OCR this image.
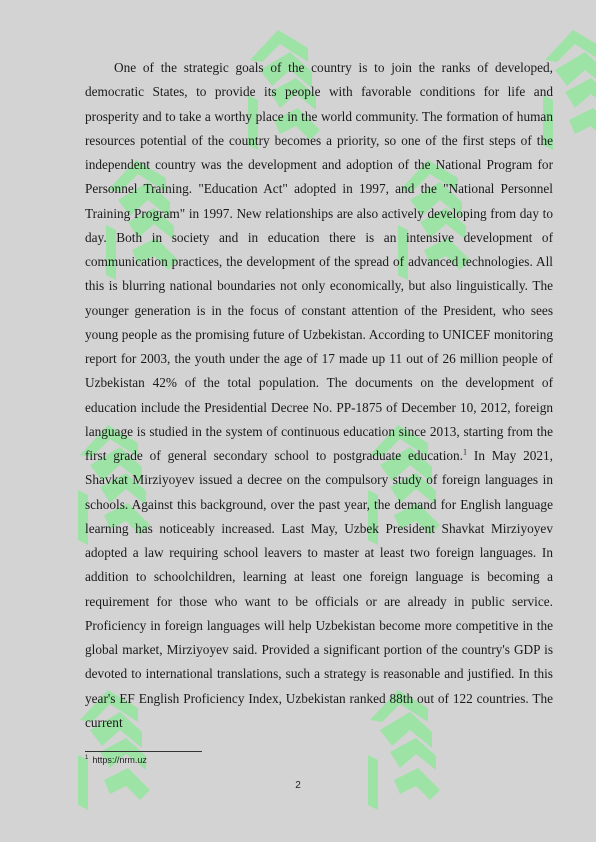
One of the strategic goals of the country is to join the ranks of developed, democratic States, to provide its people with favorable conditions for life and prosperity and to take a worthy place in the world community. The formation of human resources potential of the country becomes a priority, so one of the first steps of the independent country was the development and adoption of the National Program for Personnel Training. "Education Act" adopted in 1997, and the "National Personnel Training Program" in 1997. New relationships are also actively developing from day to day. Both in society and in education there is an intensive development of communication practices, the development of the spread of advanced technologies. All this is blurring national boundaries not only economically, but also linguistically. The younger generation is in the focus of constant attention of the President, who sees young people as the promising future of Uzbekistan. According to UNICEF monitoring report for 2003, the youth under the age of 17 made up 11 out of 26 million people of Uzbekistan 42% of the total population. The documents on the development of education include the Presidential Decree No. PP-1875 of December 10, 2012, foreign language is studied in the system of continuous education since 2013, starting from the first grade of general secondary school to postgraduate education.$^1$ In May 2021, Shavkat Mirziyoyev issued a decree on the compulsory study of foreign languages in schools. Against this background, over the past year, the demand for English language learning has noticeably increased. Last May, Uzbek President Shavkat Mirziyoyev adopted a law requiring school leavers to master at least two foreign languages. In addition to schoolchildren, learning at least one foreign language is becoming a requirement for those who want to be officials or are already in public service. Proficiency in foreign languages will help Uzbekistan become more competitive in the global market, Mirziyoyev said. Provided a significant portion of the country's GDP is devoted to international translations, such a strategy is reasonable and justified. In this year's EF English Proficiency Index, Uzbekistan ranked 88th out of 122 countries. The current

$^1$ https://nrm.uz
2
